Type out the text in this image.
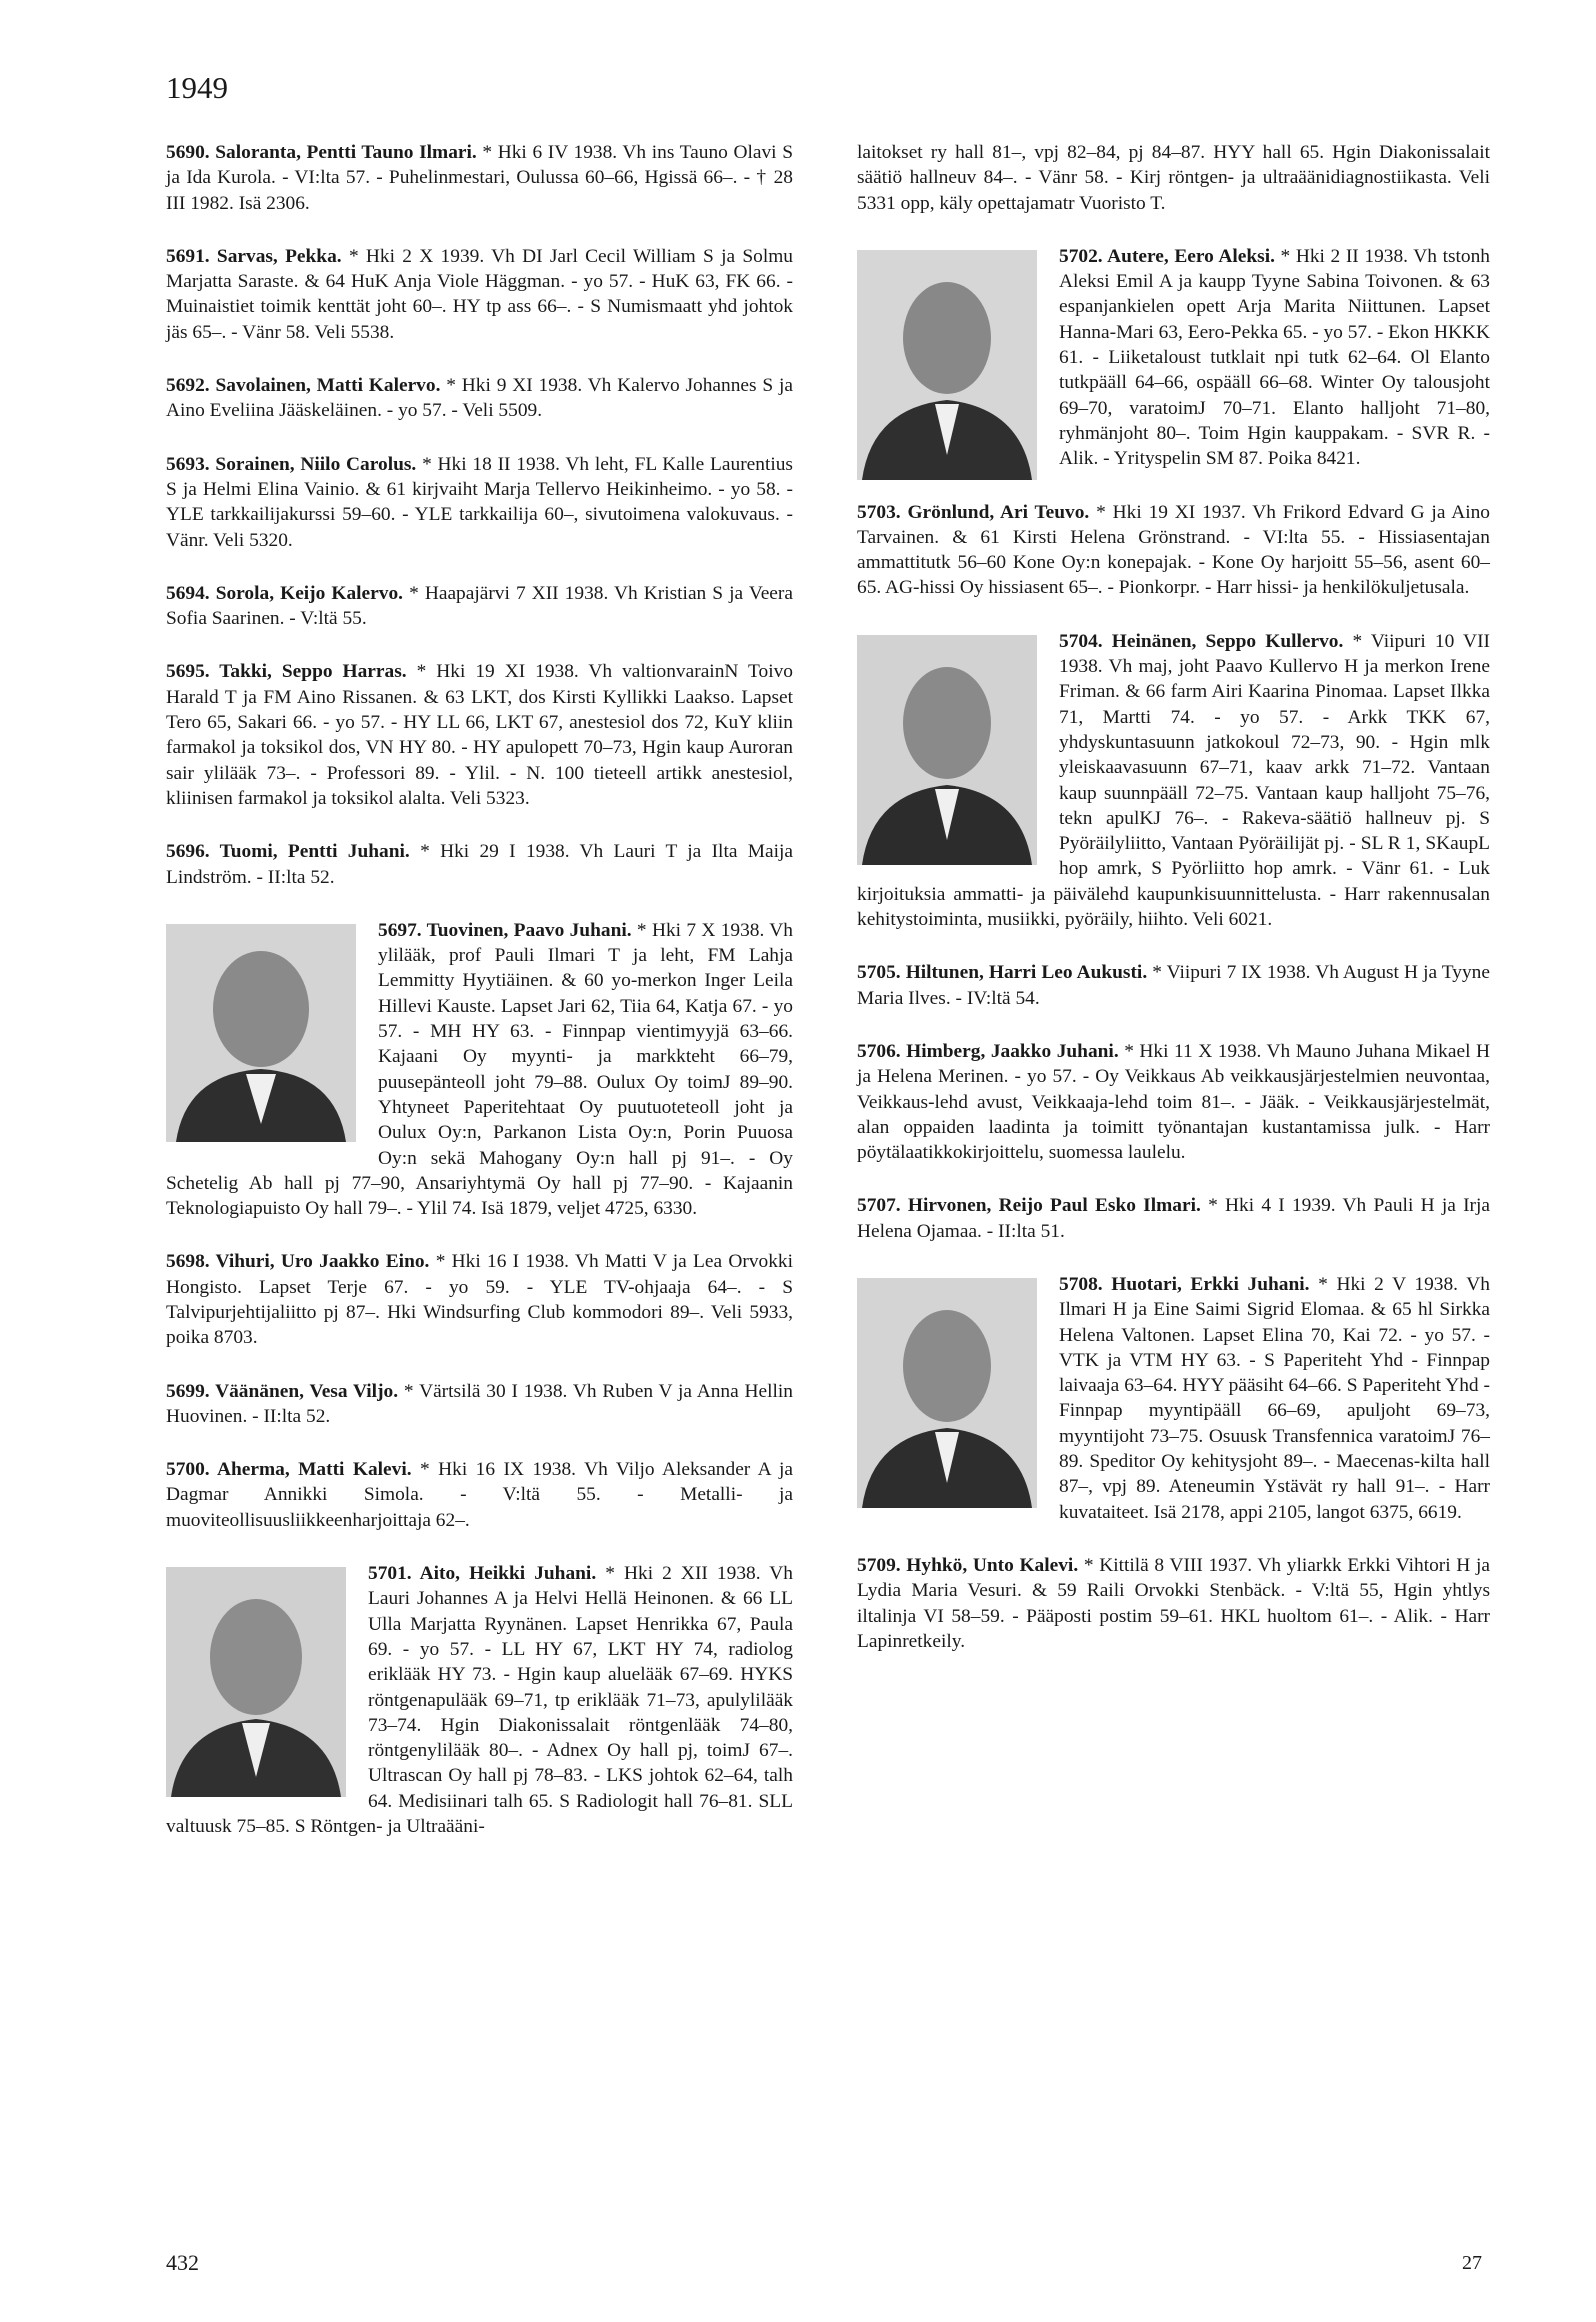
1949
5690. Saloranta, Pentti Tauno Ilmari. * Hki 6 IV 1938. Vh ins Tauno Olavi S ja Ida Kurola. - VI:lta 57. - Puhelinmestari, Oulussa 60–66, Hgissä 66–. - † 28 III 1982. Isä 2306.
5691. Sarvas, Pekka. * Hki 2 X 1939. Vh DI Jarl Cecil William S ja Solmu Marjatta Saraste. & 64 HuK Anja Viole Häggman. - yo 57. - HuK 63, FK 66. - Muinaistiet toimik kenttät joht 60–. HY tp ass 66–. - S Numismaatt yhd johtok jäs 65–. - Vänr 58. Veli 5538.
5692. Savolainen, Matti Kalervo. * Hki 9 XI 1938. Vh Kalervo Johannes S ja Aino Eveliina Jääskeläinen. - yo 57. - Veli 5509.
5693. Sorainen, Niilo Carolus. * Hki 18 II 1938. Vh leht, FL Kalle Laurentius S ja Helmi Elina Vainio. & 61 kirjvaiht Marja Tellervo Heikinheimo. - yo 58. - YLE tarkkailijakurssi 59–60. - YLE tarkkailija 60–, sivutoimena valokuvaus. - Vänr. Veli 5320.
5694. Sorola, Keijo Kalervo. * Haapajärvi 7 XII 1938. Vh Kristian S ja Veera Sofia Saarinen. - V:ltä 55.
5695. Takki, Seppo Harras. * Hki 19 XI 1938. Vh valtionvarainN Toivo Harald T ja FM Aino Rissanen. & 63 LKT, dos Kirsti Kyllikki Laakso. Lapset Tero 65, Sakari 66. - yo 57. - HY LL 66, LKT 67, anestesiol dos 72, KuY kliin farmakol ja toksikol dos, VN HY 80. - HY apulopett 70–73, Hgin kaup Auroran sair ylilääk 73–. - Professori 89. - Ylil. - N. 100 tieteell artikk anestesiol, kliinisen farmakol ja toksikol alalta. Veli 5323.
5696. Tuomi, Pentti Juhani. * Hki 29 I 1938. Vh Lauri T ja Ilta Maija Lindström. - II:lta 52.
5697. Tuovinen, Paavo Juhani. * Hki 7 X 1938. Vh ylilääk, prof Pauli Ilmari T ja leht, FM Lahja Lemmitty Hyytiäinen. & 60 yo-merkon Inger Leila Hillevi Kauste. Lapset Jari 62, Tiia 64, Katja 67. - yo 57. - MH HY 63. - Finnpap vientimyyjä 63–66. Kajaani Oy myynti- ja markkteht 66–79, puusepänteoll joht 79–88. Oulux Oy toimJ 89–90. Yhtyneet Paperitehtaat Oy puutuoteteoll joht ja Oulux Oy:n, Parkanon Lista Oy:n, Porin Puuosa Oy:n sekä Mahogany Oy:n hall pj 91–. - Oy Schetelig Ab hall pj 77–90, Ansariyhtymä Oy hall pj 77–90. - Kajaanin Teknologiapuisto Oy hall 79–. - Ylil 74. Isä 1879, veljet 4725, 6330.
5698. Vihuri, Uro Jaakko Eino. * Hki 16 I 1938. Vh Matti V ja Lea Orvokki Hongisto. Lapset Terje 67. - yo 59. - YLE TV-ohjaaja 64–. - S Talvipurjehtijaliitto pj 87–. Hki Windsurfing Club kommodori 89–. Veli 5933, poika 8703.
5699. Väänänen, Vesa Viljo. * Värtsilä 30 I 1938. Vh Ruben V ja Anna Hellin Huovinen. - II:lta 52.
5700. Aherma, Matti Kalevi. * Hki 16 IX 1938. Vh Viljo Aleksander A ja Dagmar Annikki Simola. - V:ltä 55. - Metalli- ja muoviteollisuusliikkeenharjoittaja 62–.
5701. Aito, Heikki Juhani. * Hki 2 XII 1938. Vh Lauri Johannes A ja Helvi Hellä Heinonen. & 66 LL Ulla Marjatta Ryynänen. Lapset Henrikka 67, Paula 69. - yo 57. - LL HY 67, LKT HY 74, radiolog eriklääk HY 73. - Hgin kaup aluelääk 67–69. HYKS röntgenapulääk 69–71, tp eriklääk 71–73, apulylilääk 73–74. Hgin Diakonissalait röntgenlääk 74–80, röntgenylilääk 80–. - Adnex Oy hall pj, toimJ 67–. Ultrascan Oy hall pj 78–83. - LKS johtok 62–64, talh 64. Medisiinari talh 65. S Radiologit hall 76–81. SLL valtuusk 75–85. S Röntgen- ja Ultraääni-
laitokset ry hall 81–, vpj 82–84, pj 84–87. HYY hall 65. Hgin Diakonissalait säätiö hallneuv 84–. - Vänr 58. - Kirj röntgen- ja ultraäänidiagnostiikasta. Veli 5331 opp, käly opettajamatr Vuoristo T.
5702. Autere, Eero Aleksi. * Hki 2 II 1938. Vh tstonh Aleksi Emil A ja kaupp Tyyne Sabina Toivonen. & 63 espanjankielen opett Arja Marita Niittunen. Lapset Hanna-Mari 63, Eero-Pekka 65. - yo 57. - Ekon HKKK 61. - Liiketaloust tutklait npi tutk 62–64. Ol Elanto tutkpääll 64–66, ospääll 66–68. Winter Oy talousjoht 69–70, varatoimJ 70–71. Elanto halljoht 71–80, ryhmänjoht 80–. Toim Hgin kauppakam. - SVR R. - Alik. - Yrityspelin SM 87. Poika 8421.
5703. Grönlund, Ari Teuvo. * Hki 19 XI 1937. Vh Frikord Edvard G ja Aino Tarvainen. & 61 Kirsti Helena Grönstrand. - VI:lta 55. - Hissiasentajan ammattitutk 56–60 Kone Oy:n konepajak. - Kone Oy harjoitt 55–56, asent 60–65. AG-hissi Oy hissiasent 65–. - Pionkorpr. - Harr hissi- ja henkilökuljetusala.
5704. Heinänen, Seppo Kullervo. * Viipuri 10 VII 1938. Vh maj, joht Paavo Kullervo H ja merkon Irene Friman. & 66 farm Airi Kaarina Pinomaa. Lapset Ilkka 71, Martti 74. - yo 57. - Arkk TKK 67, yhdyskuntasuunn jatkokoul 72–73, 90. - Hgin mlk yleiskaavasuunn 67–71, kaav arkk 71–72. Vantaan kaup suunnpääll 72–75. Vantaan kaup halljoht 75–76, tekn apulKJ 76–. - Rakeva-säätiö hallneuv pj. S Pyöräilyliitto, Vantaan Pyöräilijät pj. - SL R 1, SKaupL hop amrk, S Pyörliitto hop amrk. - Vänr 61. - Luk kirjoituksia ammatti- ja päivälehd kaupunkisuunnittelusta. - Harr rakennusalan kehitystoiminta, musiikki, pyöräily, hiihto. Veli 6021.
5705. Hiltunen, Harri Leo Aukusti. * Viipuri 7 IX 1938. Vh August H ja Tyyne Maria Ilves. - IV:ltä 54.
5706. Himberg, Jaakko Juhani. * Hki 11 X 1938. Vh Mauno Juhana Mikael H ja Helena Merinen. - yo 57. - Oy Veikkaus Ab veikkausjärjestelmien neuvontaa, Veikkaus-lehd avust, Veikkaaja-lehd toim 81–. - Jääk. - Veikkausjärjestelmät, alan oppaiden laadinta ja toimitt työnantajan kustantamissa julk. - Harr pöytälaatikkokirjoittelu, suomessa laulelu.
5707. Hirvonen, Reijo Paul Esko Ilmari. * Hki 4 I 1939. Vh Pauli H ja Irja Helena Ojamaa. - II:lta 51.
5708. Huotari, Erkki Juhani. * Hki 2 V 1938. Vh Ilmari H ja Eine Saimi Sigrid Elomaa. & 65 hl Sirkka Helena Valtonen. Lapset Elina 70, Kai 72. - yo 57. - VTK ja VTM HY 63. - S Paperiteht Yhd - Finnpap laivaaja 63–64. HYY pääsiht 64–66. S Paperiteht Yhd - Finnpap myyntipääll 66–69, apuljoht 69–73, myyntijoht 73–75. Osuusk Transfennica varatoimJ 76–89. Speditor Oy kehitysjoht 89–. - Maecenas-kilta hall 87–, vpj 89. Ateneumin Ystävät ry hall 91–. - Harr kuvataiteet. Isä 2178, appi 2105, langot 6375, 6619.
5709. Hyhkö, Unto Kalevi. * Kittilä 8 VIII 1937. Vh yliarkk Erkki Vihtori H ja Lydia Maria Vesuri. & 59 Raili Orvokki Stenbäck. - V:ltä 55, Hgin yhtlys iltalinja VI 58–59. - Pääposti postim 59–61. HKL huoltom 61–. - Alik. - Harr Lapinretkeily.
432	27
